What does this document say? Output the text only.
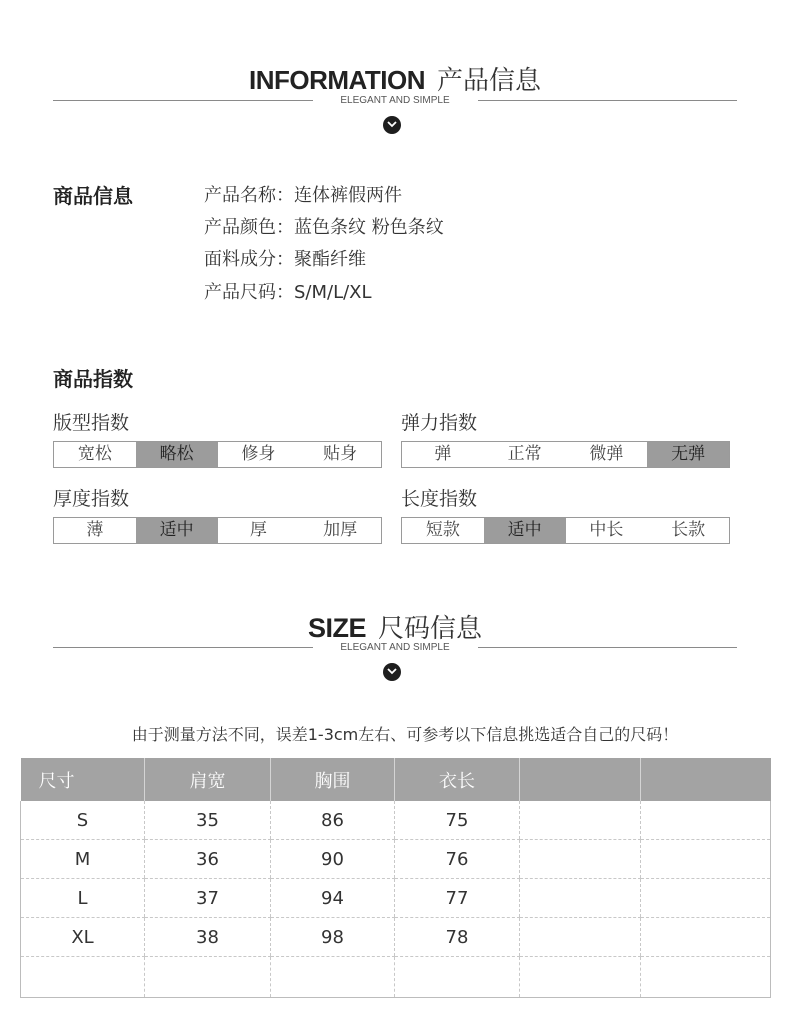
INFORMATION 产品信息
ELEGANT AND SIMPLE
商品信息	产品名称：连体裤假两件
产品颜色：蓝色条纹 粉色条纹
面料成分：聚酯纤维
产品尺码：S/M/L/XL
商品指数
版型指数
宽松	略松	修身	贴身
弹力指数
弹	正常	微弹	无弹
厚度指数
薄	适中	厚	加厚
长度指数
短款	适中	中长	长款
SIZE 尺码信息
ELEGANT AND SIMPLE
由于测量方法不同，误差1-3cm左右、可参考以下信息挑选适合自己的尺码！
尺寸	肩宽	胸围	衣长		
S	35	86	75		
M	36	90	76		
L	37	94	77		
XL	38	98	78		
